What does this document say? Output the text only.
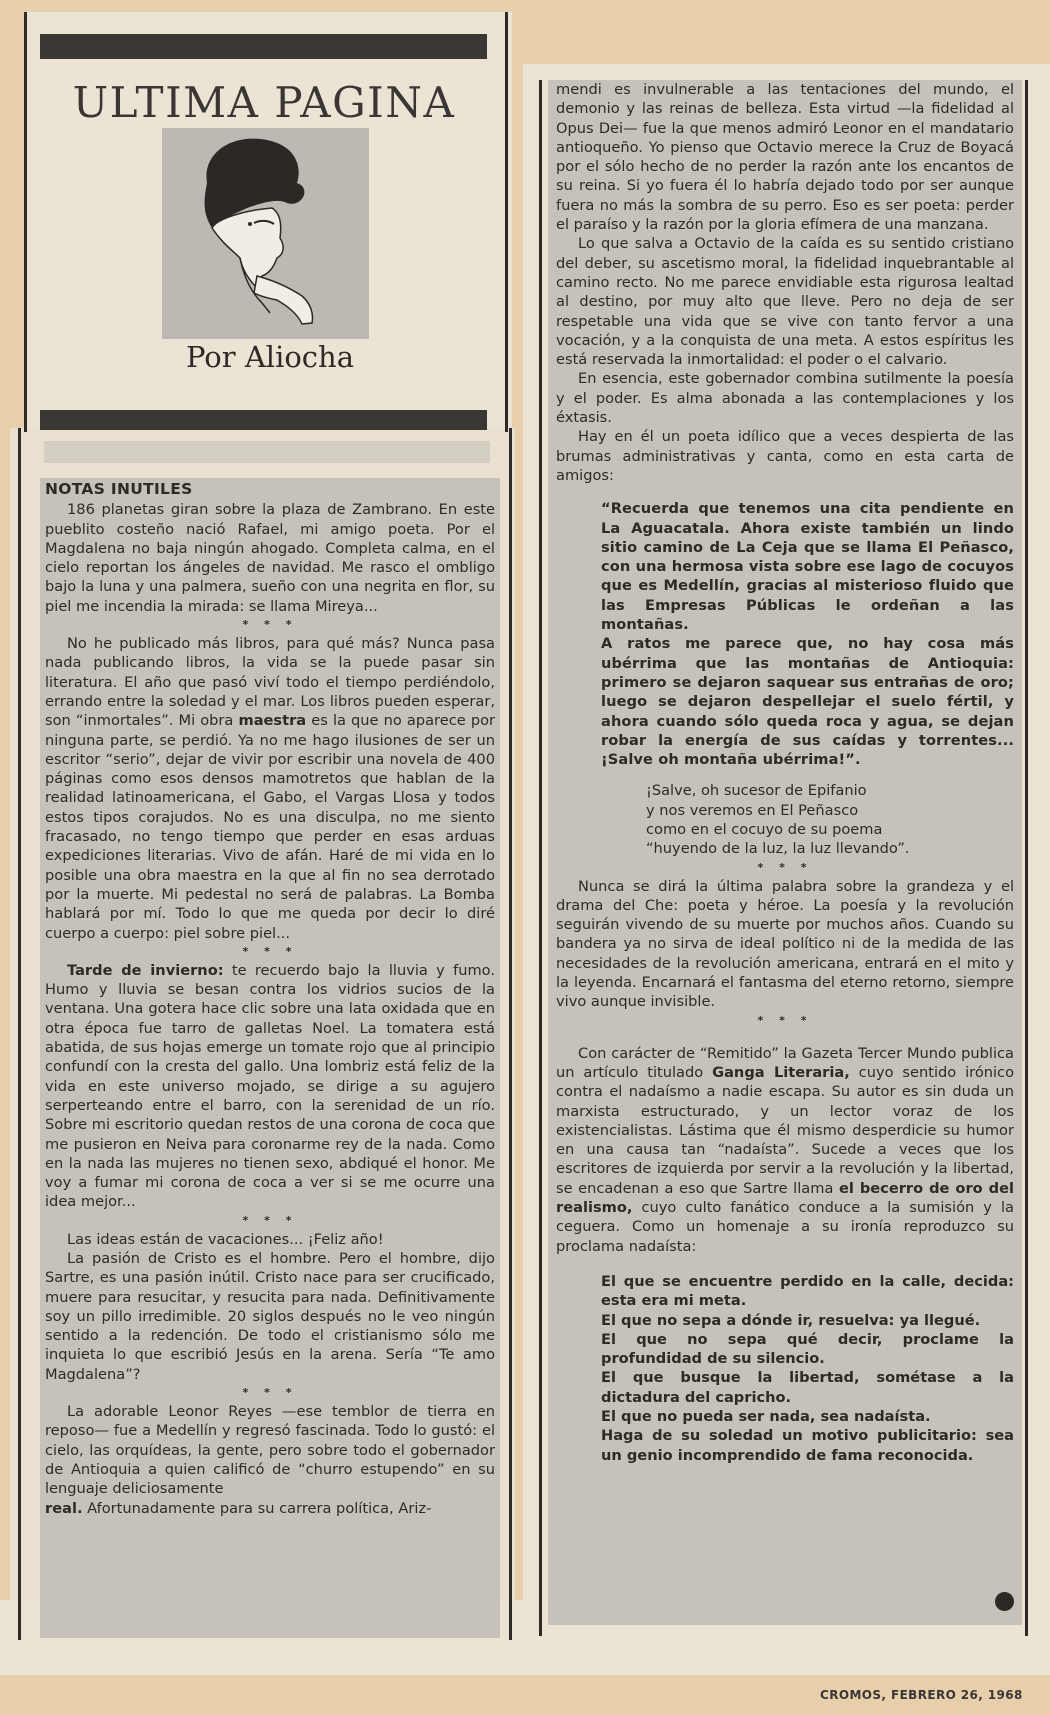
ULTIMA PAGINA
Por Aliocha
NOTAS INUTILES

186 planetas giran sobre la plaza de Zambrano. En este pueblito costeño nació Rafael, mi amigo poeta. Por el Magdalena no baja ningún ahogado. Completa calma, en el cielo reportan los ángeles de navidad. Me rasco el ombligo bajo la luna y una palmera, sueño con una negrita en flor, su piel me incendia la mirada: se llama Mireya...

* * *

No he publicado más libros, para qué más? Nunca pasa nada publicando libros, la vida se la puede pasar sin literatura. El año que pasó viví todo el tiempo perdiéndolo, errando entre la soledad y el mar. Los libros pueden esperar, son “inmortales”. Mi obra maestra es la que no aparece por ninguna parte, se perdió. Ya no me hago ilusiones de ser un escritor “serio”, dejar de vivir por escribir una novela de 400 páginas como esos densos mamotretos que hablan de la realidad latinoamericana, el Gabo, el Vargas Llosa y todos estos tipos corajudos. No es una disculpa, no me siento fracasado, no tengo tiempo que perder en esas arduas expediciones literarias. Vivo de afán. Haré de mi vida en lo posible una obra maestra en la que al fin no sea derrotado por la muerte. Mi pedestal no será de palabras. La Bomba hablará por mí. Todo lo que me queda por decir lo diré cuerpo a cuerpo: piel sobre piel...

* * *

Tarde de invierno: te recuerdo bajo la lluvia y fumo. Humo y lluvia se besan contra los vidrios sucios de la ventana. Una gotera hace clic sobre una lata oxidada que en otra época fue tarro de galletas Noel. La tomatera está abatida, de sus hojas emerge un tomate rojo que al principio confundí con la cresta del gallo. Una lombriz está feliz de la vida en este universo mojado, se dirige a su agujero serperteando entre el barro, con la serenidad de un río. Sobre mi escritorio quedan restos de una corona de coca que me pusieron en Neiva para coronarme rey de la nada. Como en la nada las mujeres no tienen sexo, abdiqué el honor. Me voy a fumar mi corona de coca a ver si se me ocurre una idea mejor...

* * *

Las ideas están de vacaciones... ¡Feliz año!

La pasión de Cristo es el hombre. Pero el hombre, dijo Sartre, es una pasión inútil. Cristo nace para ser crucificado, muere para resucitar, y resucita para nada. Definitivamente soy un pillo irredimible. 20 siglos después no le veo ningún sentido a la redención. De todo el cristianismo sólo me inquieta lo que escribió Jesús en la arena. Sería “Te amo Magdalena”?

* * *

La adorable Leonor Reyes —ese temblor de tierra en reposo— fue a Medellín y regresó fascinada. Todo lo gustó: el cielo, las orquídeas, la gente, pero sobre todo el gobernador de Antioquia a quien calificó de “churro estupendo” en su lenguaje deliciosamente

real. Afortunadamente para su carrera política, Ariz-

mendi es invulnerable a las tentaciones del mundo, el demonio y las reinas de belleza. Esta virtud —la fidelidad al Opus Dei— fue la que menos admiró Leonor en el mandatario antioqueño. Yo pienso que Octavio merece la Cruz de Boyacá por el sólo hecho de no perder la razón ante los encantos de su reina. Si yo fuera él lo habría dejado todo por ser aunque fuera no más la sombra de su perro. Eso es ser poeta: perder el paraíso y la razón por la gloria efímera de una manzana.

Lo que salva a Octavio de la caída es su sentido cristiano del deber, su ascetismo moral, la fidelidad inquebrantable al camino recto. No me parece envidiable esta rigurosa lealtad al destino, por muy alto que lleve. Pero no deja de ser respetable una vida que se vive con tanto fervor a una vocación, y a la conquista de una meta. A estos espíritus les está reservada la inmortalidad: el poder o el calvario.

En esencia, este gobernador combina sutilmente la poesía y el poder. Es alma abonada a las contemplaciones y los éxtasis.

Hay en él un poeta idílico que a veces despierta de las brumas administrativas y canta, como en esta carta de amigos:

“Recuerda que tenemos una cita pendiente en La Aguacatala. Ahora existe también un lindo sitio camino de La Ceja que se llama El Peñasco, con una hermosa vista sobre ese lago de cocuyos que es Medellín, gracias al misterioso fluido que las Empresas Públicas le ordeñan a las montañas.

A ratos me parece que, no hay cosa más ubérrima que las montañas de Antioquia: primero se dejaron saquear sus entrañas de oro; luego se dejaron despellejar el suelo fértil, y ahora cuando sólo queda roca y agua, se dejan robar la energía de sus caídas y torrentes... ¡Salve oh montaña ubérrima!”.

¡Salve, oh sucesor de Epifanio
y nos veremos en El Peñasco
como en el cocuyo de su poema
“huyendo de la luz, la luz llevando”.
* * *

Nunca se dirá la última palabra sobre la grandeza y el drama del Che: poeta y héroe. La poesía y la revolución seguirán vivendo de su muerte por muchos años. Cuando su bandera ya no sirva de ideal político ni de la medida de las necesidades de la revolución americana, entrará en el mito y la leyenda. Encarnará el fantasma del eterno retorno, siempre vivo aunque invisible.

* * *

Con carácter de “Remitido” la Gazeta Tercer Mundo publica un artículo titulado Ganga Literaria, cuyo sentido irónico contra el nadaísmo a nadie escapa. Su autor es sin duda un marxista estructurado, y un lector voraz de los existencialistas. Lástima que él mismo desperdicie su humor en una causa tan “nadaísta”. Sucede a veces que los escritores de izquierda por servir a la revolución y la libertad, se encadenan a eso que Sartre llama el becerro de oro del realismo, cuyo culto fanático conduce a la sumisión y la ceguera. Como un homenaje a su ironía reproduzco su proclama nadaísta:

El que se encuentre perdido en la calle, decida: esta era mi meta.

El que no sepa a dónde ir, resuelva: ya llegué.

El que no sepa qué decir, proclame la profundidad de su silencio.

El que busque la libertad, sométase a la dictadura del capricho.

El que no pueda ser nada, sea nadaísta.

Haga de su soledad un motivo publicitario: sea un genio incomprendido de fama reconocida.

CROMOS, FEBRERO 26, 1968
